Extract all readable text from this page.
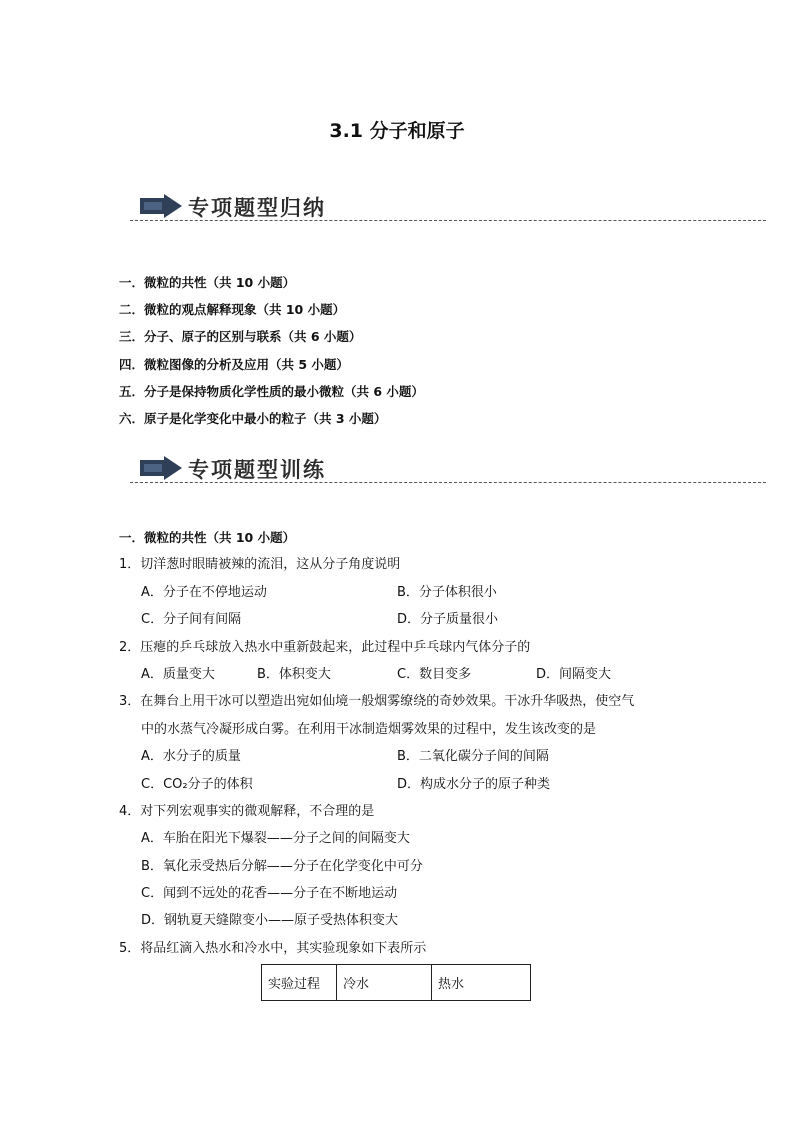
3.1 分子和原子
专项题型归纳
一．微粒的共性（共 10 小题）
二．微粒的观点解释现象（共 10 小题）
三．分子、原子的区别与联系（共 6 小题）
四．微粒图像的分析及应用（共 5 小题）
五．分子是保持物质化学性质的最小微粒（共 6 小题）
六．原子是化学变化中最小的粒子（共 3 小题）
专项题型训练
一．微粒的共性（共 10 小题）
1．切洋葱时眼睛被辣的流泪，这从分子角度说明
A．分子在不停地运动	B．分子体积很小
C．分子间有间隔	D．分子质量很小
2．压瘪的乒乓球放入热水中重新鼓起来，此过程中乒乓球内气体分子的
A．质量变大	B．体积变大	C．数目变多	D．间隔变大
3．在舞台上用干冰可以塑造出宛如仙境一般烟雾缭绕的奇妙效果。干冰升华吸热，使空气
中的水蒸气冷凝形成白雾。在利用干冰制造烟雾效果的过程中，发生该改变的是
A．水分子的质量	B．二氧化碳分子间的间隔
C．CO₂分子的体积	D．构成水分子的原子种类
4．对下列宏观事实的微观解释，不合理的是
A．车胎在阳光下爆裂——分子之间的间隔变大
B．氧化汞受热后分解——分子在化学变化中可分
C．闻到不远处的花香——分子在不断地运动
D．钢轨夏天缝隙变小——原子受热体积变大
5．将品红滴入热水和冷水中，其实验现象如下表所示
实验过程	冷水	热水
